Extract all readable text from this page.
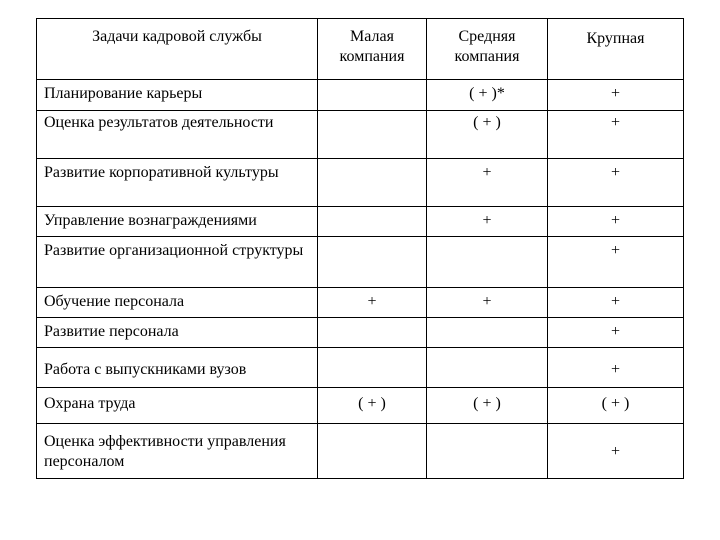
Задачи кадровой службы	Малая компания	Средняя компания	Крупная
Планирование карьеры		( + )*	+
Оценка результатов деятельности		( + )	+
Развитие корпоративной культуры		+	+
Управление вознаграждениями		+	+
Развитие организационной структуры			+
Обучение персонала	+	+	+
Развитие персонала			+
Работа с выпускниками вузов			+
Охрана труда	( + )	( + )	( + )
Оценка эффективности управления персоналом			+
